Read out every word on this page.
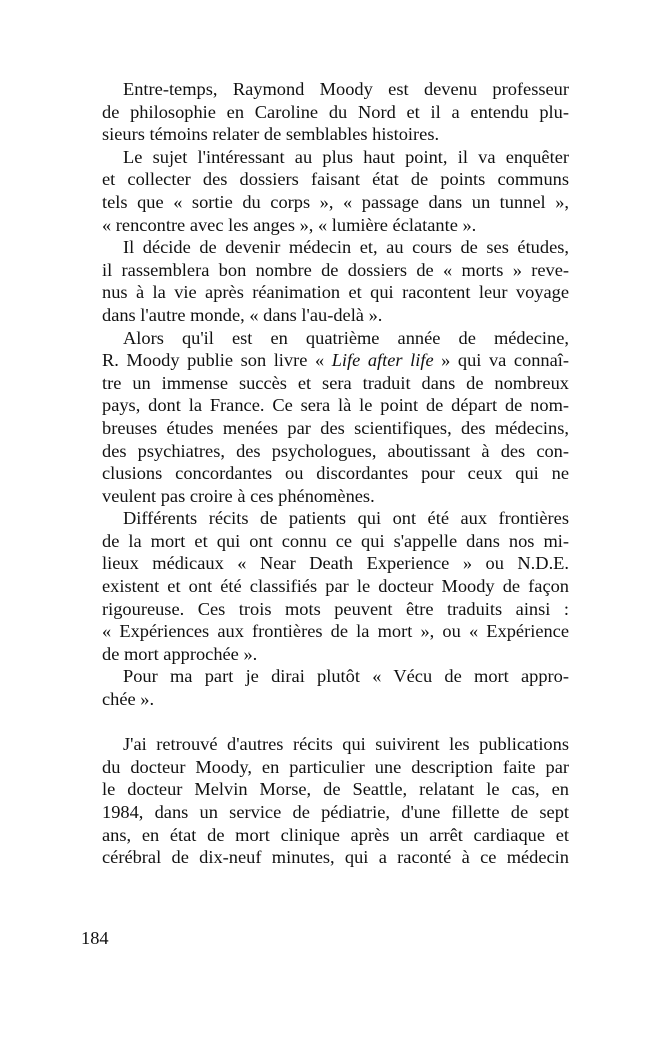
Entre-temps, Raymond Moody est devenu professeur
de philosophie en Caroline du Nord et il a entendu plu-
sieurs témoins relater de semblables histoires.
Le sujet l'intéressant au plus haut point, il va enquêter
et collecter des dossiers faisant état de points communs
tels que « sortie du corps », « passage dans un tunnel »,
« rencontre avec les anges », « lumière éclatante ».
Il décide de devenir médecin et, au cours de ses études,
il rassemblera bon nombre de dossiers de « morts » reve-
nus à la vie après réanimation et qui racontent leur voyage
dans l'autre monde, « dans l'au-delà ».
Alors qu'il est en quatrième année de médecine,
R. Moody publie son livre « Life after life » qui va connaî-
tre un immense succès et sera traduit dans de nombreux
pays, dont la France. Ce sera là le point de départ de nom-
breuses études menées par des scientifiques, des médecins,
des psychiatres, des psychologues, aboutissant à des con-
clusions concordantes ou discordantes pour ceux qui ne
veulent pas croire à ces phénomènes.
Différents récits de patients qui ont été aux frontières
de la mort et qui ont connu ce qui s'appelle dans nos mi-
lieux médicaux « Near Death Experience » ou N.D.E.
existent et ont été classifiés par le docteur Moody de façon
rigoureuse. Ces trois mots peuvent être traduits ainsi :
« Expériences aux frontières de la mort », ou « Expérience
de mort approchée ».
Pour ma part je dirai plutôt « Vécu de mort appro-
chée ».
J'ai retrouvé d'autres récits qui suivirent les publications
du docteur Moody, en particulier une description faite par
le docteur Melvin Morse, de Seattle, relatant le cas, en
1984, dans un service de pédiatrie, d'une fillette de sept
ans, en état de mort clinique après un arrêt cardiaque et
cérébral de dix-neuf minutes, qui a raconté à ce médecin
184
